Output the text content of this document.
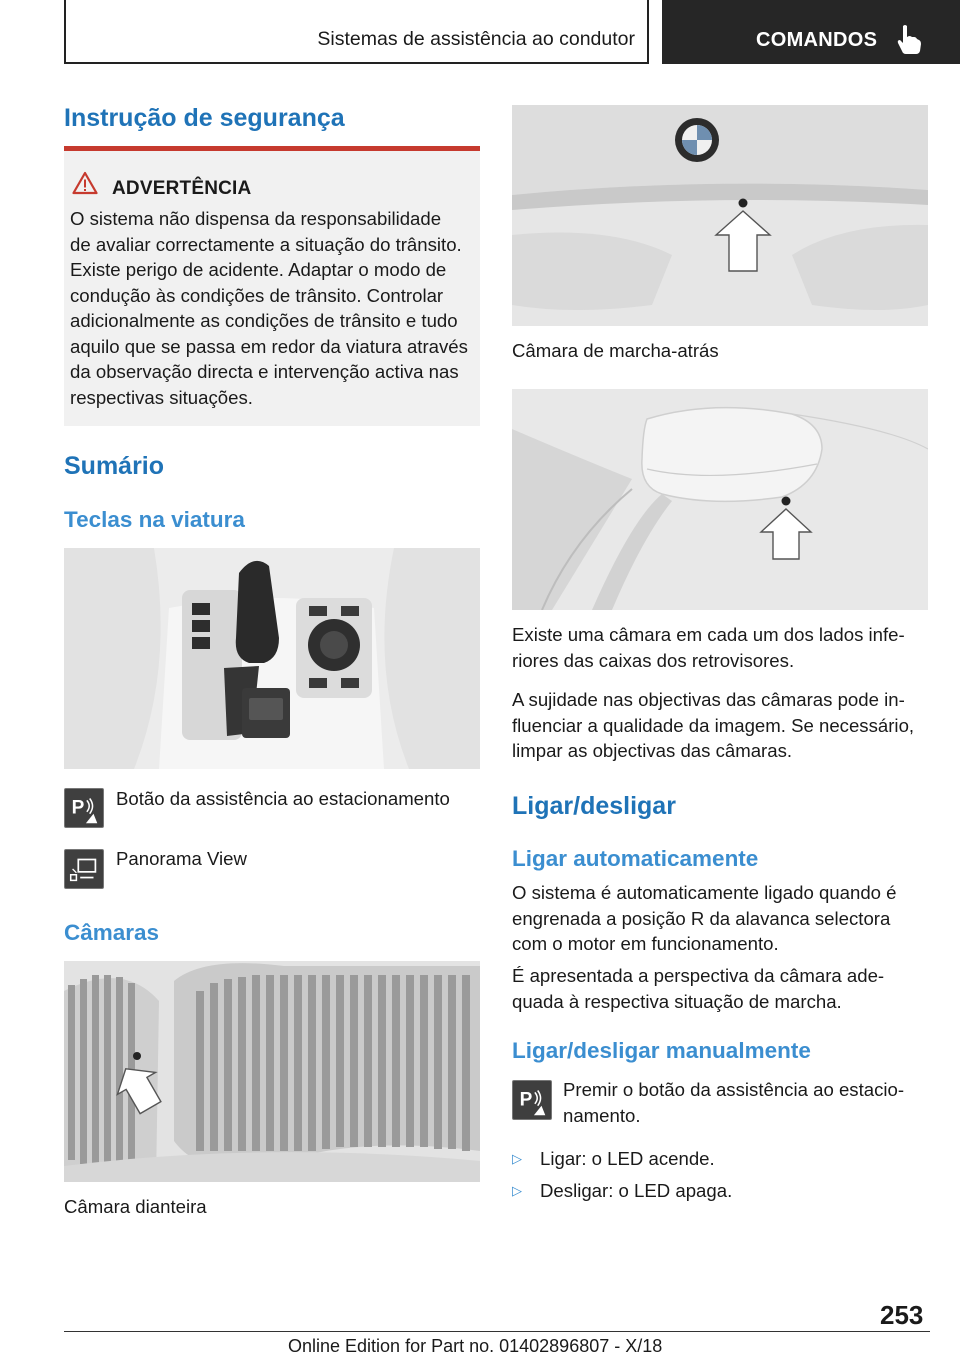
Sistemas de assistência ao condutor	COMANDOS
Instrução de segurança
ADVERTÊNCIA
O sistema não dispensa da responsabilidade
de avaliar correctamente a situação do trânsito.
Existe perigo de acidente. Adaptar o modo de
condução às condições de trânsito. Controlar
adicionalmente as condições de trânsito e tudo
aquilo que se passa em redor da viatura através
da observação directa e intervenção activa nas
respectivas situações.
Sumário
Teclas na viatura
P Botão da assistência ao estacionamento
Panorama View
Câmaras
Câmara dianteira
Câmara de marcha-atrás
Existe uma câmara em cada um dos lados infe-
riores das caixas dos retrovisores.
A sujidade nas objectivas das câmaras pode in-
fluenciar a qualidade da imagem. Se necessário,
limpar as objectivas das câmaras.
Ligar/desligar
Ligar automaticamente
O sistema é automaticamente ligado quando é
engrenada a posição R da alavanca selectora
com o motor em funcionamento.
É apresentada a perspectiva da câmara ade-
quada à respectiva situação de marcha.
Ligar/desligar manualmente
P
Premir o botão da assistência ao estacio-
namento.
▷ Ligar: o LED acende.
▷ Desligar: o LED apaga.
253
Online Edition for Part no. 01402896807 - X/18
